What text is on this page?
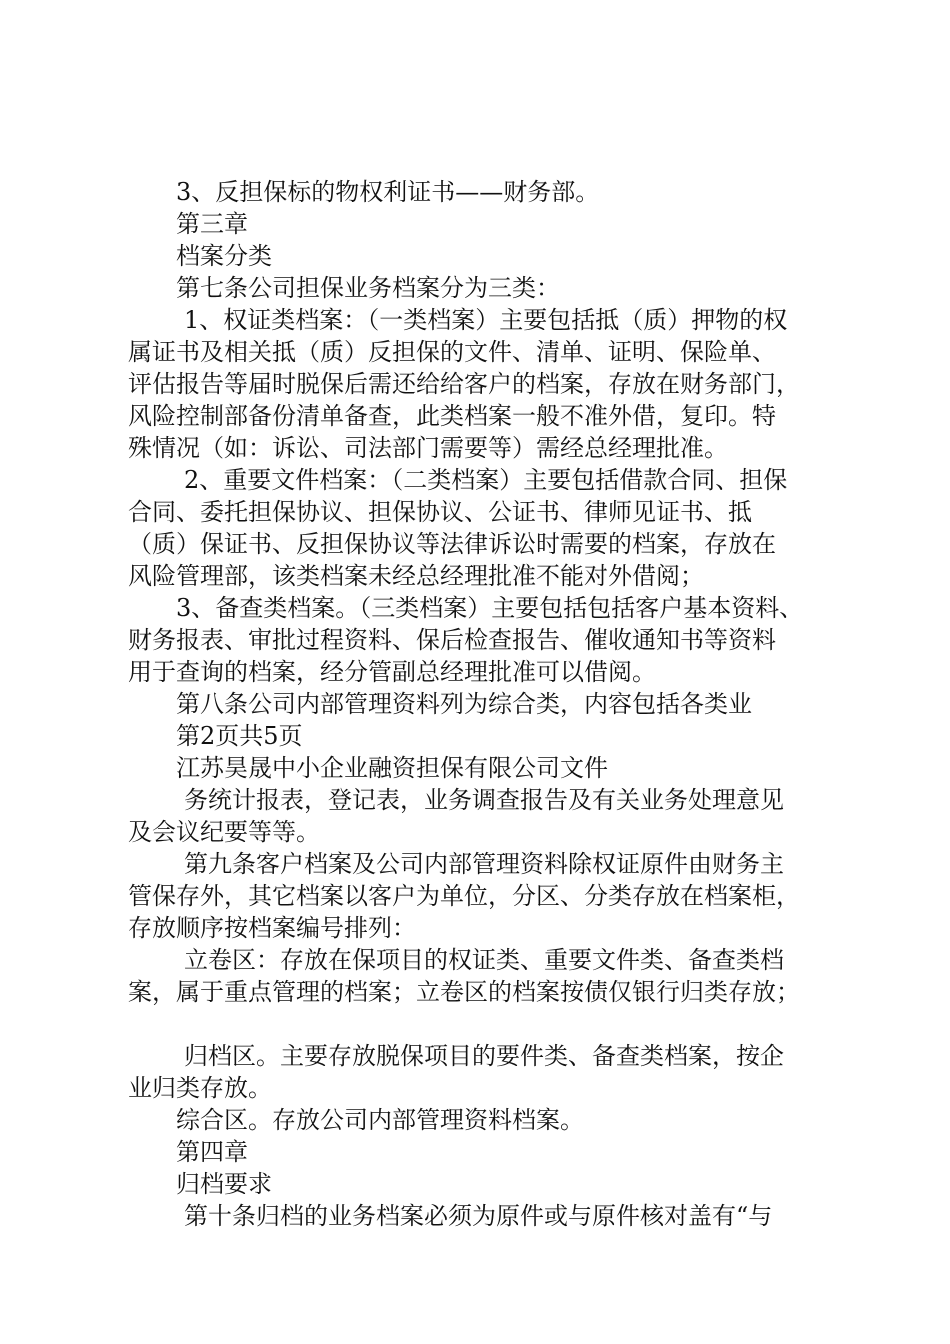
3、反担保标的物权利证书——财务部。

第三章

档案分类

第七条公司担保业务档案分为三类：

1、权证类档案：（一类档案）主要包括抵（质）押物的权
属证书及相关抵（质）反担保的文件、清单、证明、保险单、
评估报告等届时脱保后需还给给客户的档案，存放在财务部门，
风险控制部备份清单备查，此类档案一般不准外借，复印。特
殊情况（如：诉讼、司法部门需要等）需经总经理批准。

2、重要文件档案：（二类档案）主要包括借款合同、担保
合同、委托担保协议、担保协议、公证书、律师见证书、抵
（质）保证书、反担保协议等法律诉讼时需要的档案，存放在
风险管理部，该类档案未经总经理批准不能对外借阅；

3、备查类档案。（三类档案）主要包括包括客户基本资料、
财务报表、审批过程资料、保后检查报告、催收通知书等资料
用于查询的档案，经分管副总经理批准可以借阅。

第八条公司内部管理资料列为综合类，内容包括各类业

第2页共5页

江苏昊晟中小企业融资担保有限公司文件

务统计报表，登记表，业务调查报告及有关业务处理意见
及会议纪要等等。

第九条客户档案及公司内部管理资料除权证原件由财务主
管保存外，其它档案以客户为单位，分区、分类存放在档案柜，
存放顺序按档案编号排列：

立卷区：存放在保项目的权证类、重要文件类、备查类档
案，属于重点管理的档案；立卷区的档案按债仅银行归类存放；

归档区。主要存放脱保项目的要件类、备查类档案，按企
业归类存放。

综合区。存放公司内部管理资料档案。

第四章

归档要求

第十条归档的业务档案必须为原件或与原件核对盖有“与
